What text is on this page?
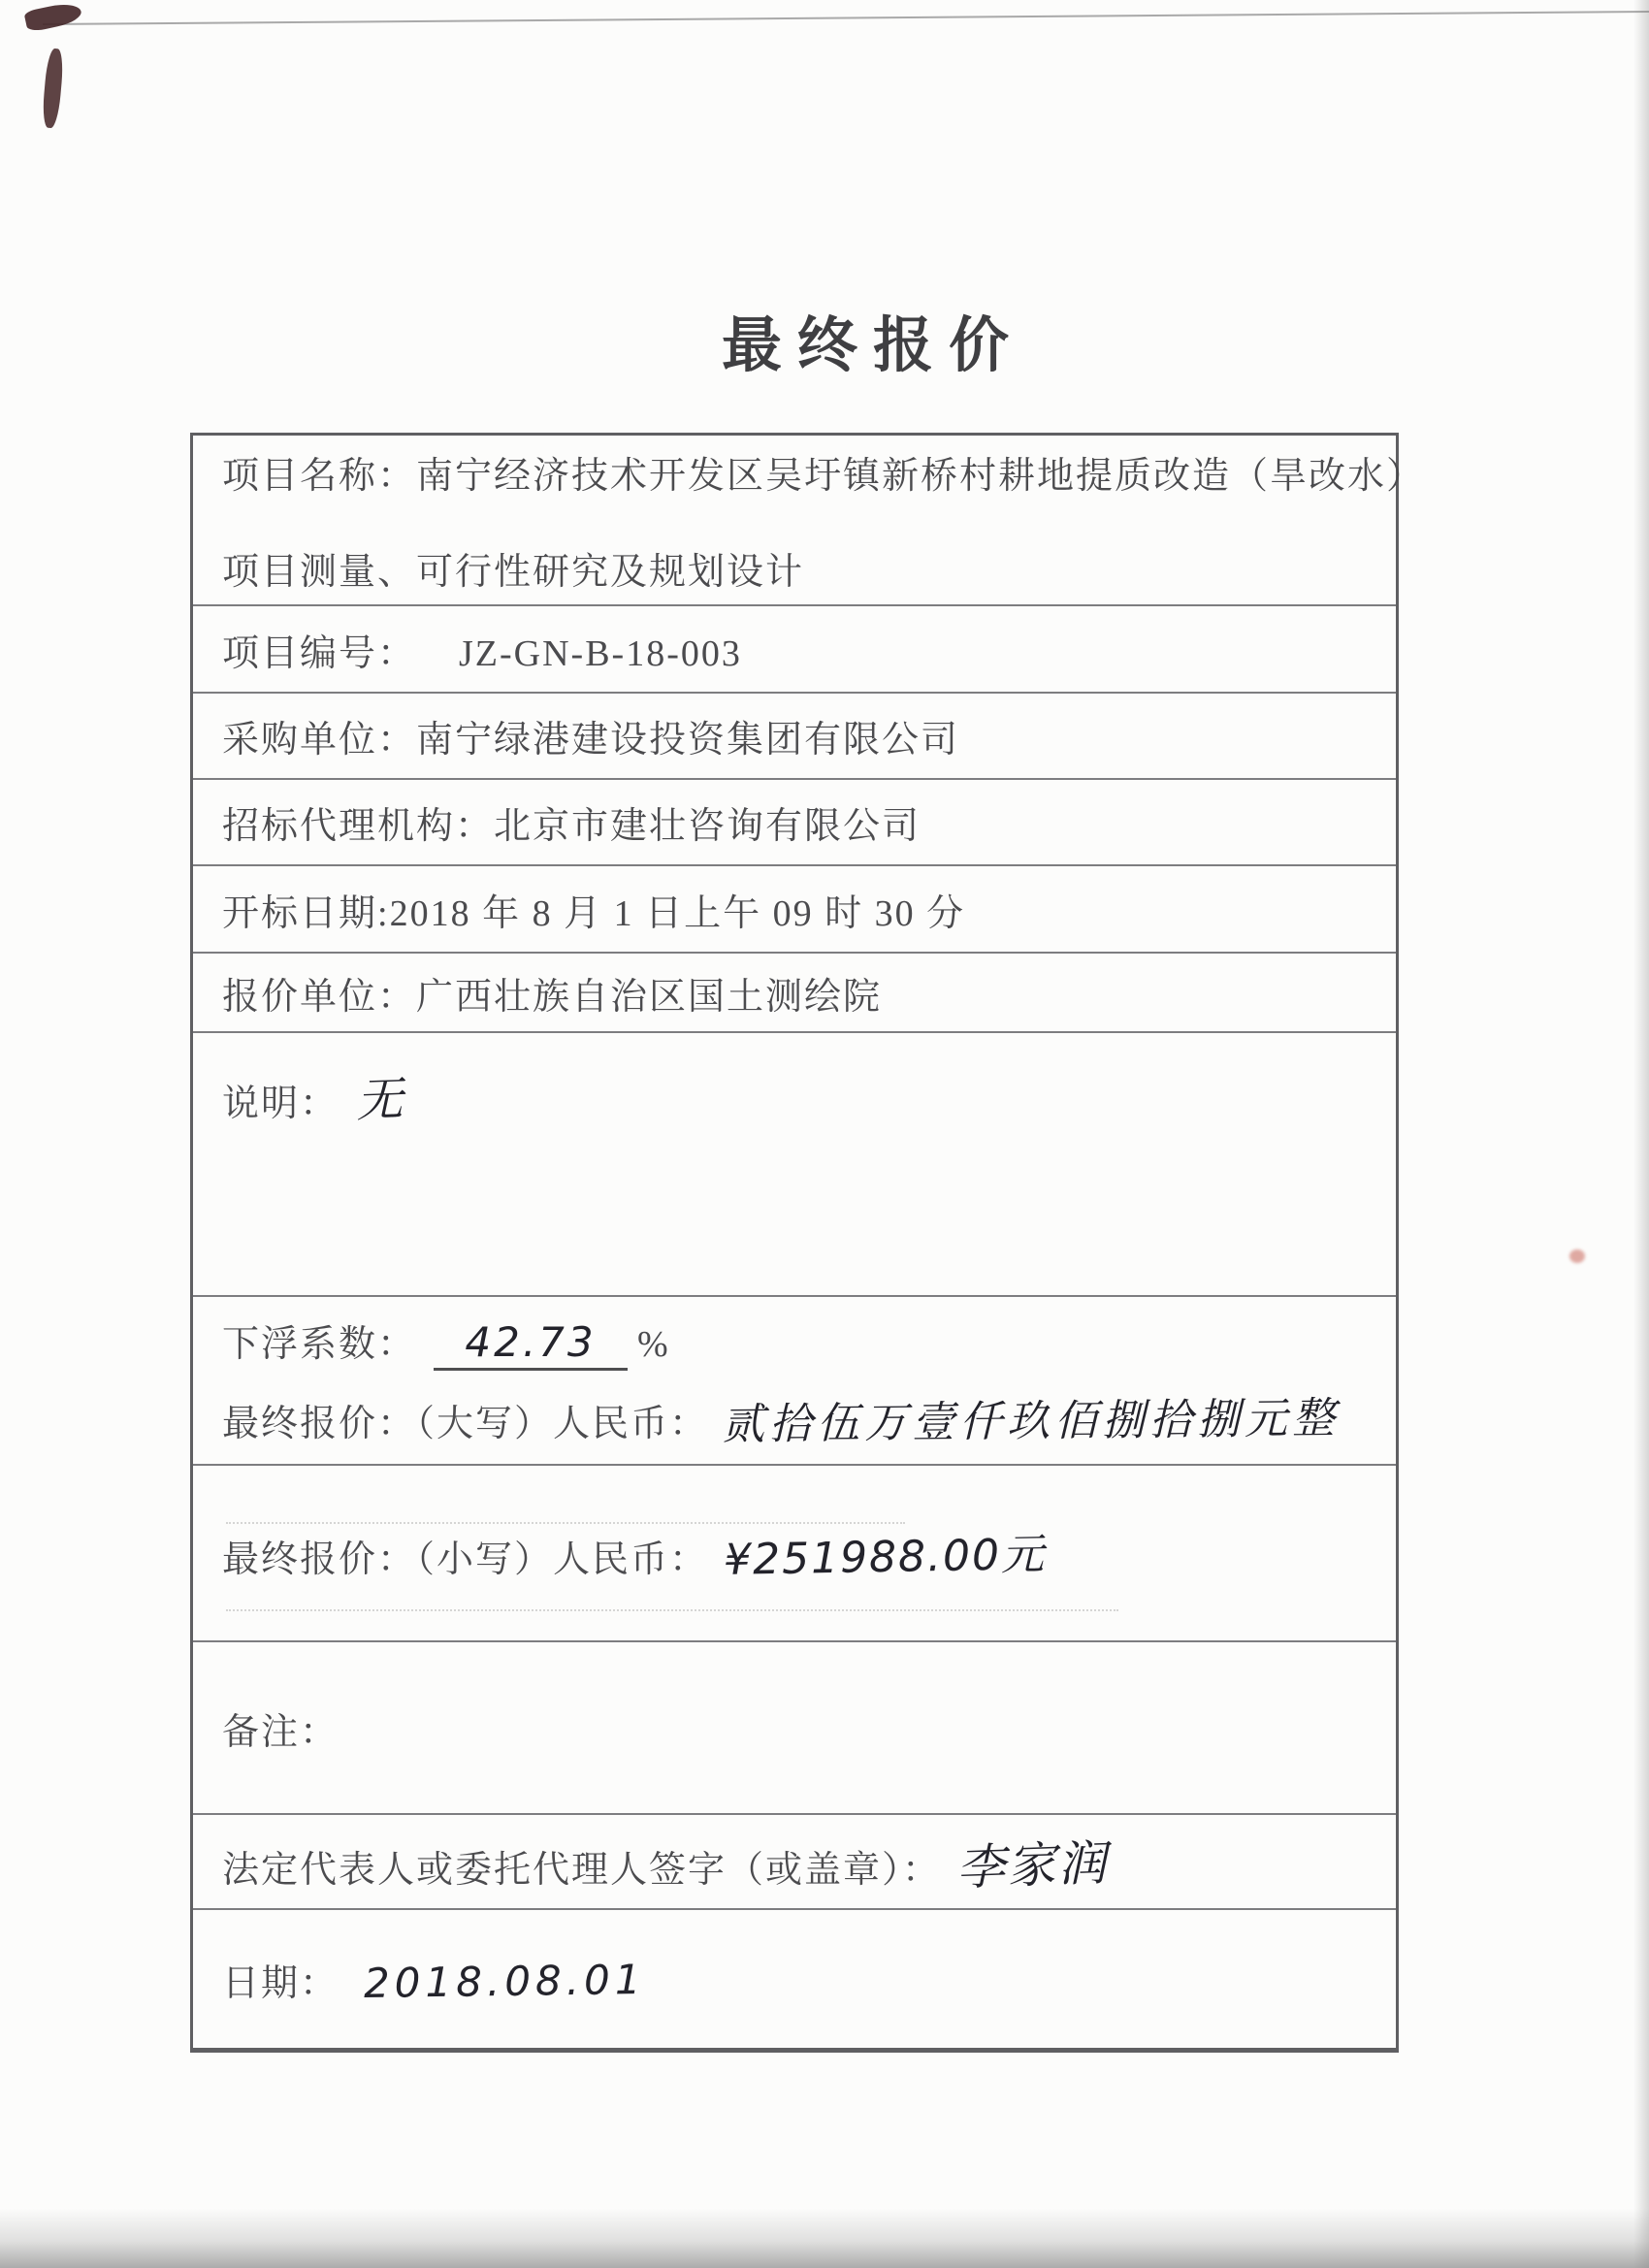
最终报价
项目名称：南宁经济技术开发区吴圩镇新桥村耕地提质改造（旱改水）
项目测量、可行性研究及规划设计
项目编号： JZ-GN-B-18-003
采购单位： 南宁绿港建设投资集团有限公司
招标代理机构： 北京市建壮咨询有限公司
开标日期: 2018 年 8 月 1 日上午 09 时 30 分
报价单位： 广西壮族自治区国土测绘院
说明： 无
下浮系数：	42.73	%
最终报价：（大写）人民币： 贰拾伍万壹仟玖佰捌拾捌元整
最终报价：（小写）人民币： ¥251988.00元
备注：
法定代表人或委托代理人签字（或盖章）： 李家润
日期： 2018.08.01
